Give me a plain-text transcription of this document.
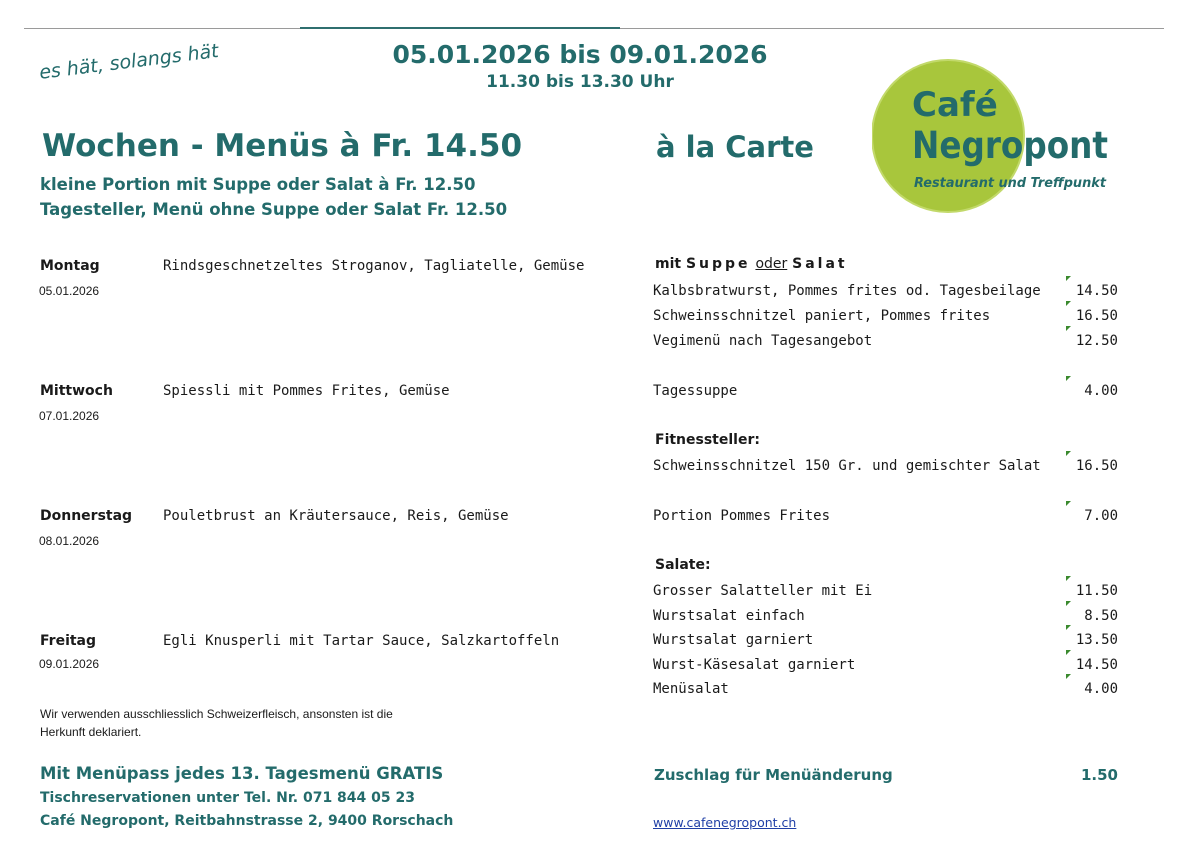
es hät, solangs hät	05.01.2026 bis 09.01.2026
11.30 bis 13.30 Uhr
Wochen - Menüs à Fr. 14.50
kleine Portion mit Suppe oder Salat à Fr. 12.50
Tagesteller, Menü ohne Suppe oder Salat Fr. 12.50
à la Carte
Café
Negropont
Restaurant und Treffpunkt
Montag	Rindsgeschnetzeltes Stroganov, Tagliatelle, Gemüse
05.01.2026
Mittwoch	Spiessli mit Pommes Frites, Gemüse
07.01.2026
Donnerstag Pouletbrust an Kräutersauce, Reis, Gemüse
08.01.2026
Freitag	Egli Knusperli mit Tartar Sauce, Salzkartoffeln
09.01.2026
Wir verwenden ausschliesslich Schweizerfleisch, ansonsten ist die
Herkunft deklariert.
Mit Menüpass jedes 13. Tagesmenü GRATIS
Tischreservationen unter Tel. Nr. 071 844 05 23
Café Negropont, Reitbahnstrasse 2, 9400 Rorschach
mit Suppe oder Salat
Kalbsbratwurst, Pommes frites od. Tagesbeilage	14.50
Schweinsschnitzel paniert, Pommes frites	16.50
Vegimenü nach Tagesangebot	12.50
Tagessuppe	4.00
Fitnessteller:
Schweinsschnitzel 150 Gr. und gemischter Salat	16.50
Portion Pommes Frites	7.00
Salate:
Grosser Salatteller mit Ei	11.50
Wurstsalat einfach	8.50
Wurstsalat garniert	13.50
Wurst-Käsesalat garniert	14.50
Menüsalat	4.00
Zuschlag für Menüänderung	1.50
www.cafenegropont.ch
